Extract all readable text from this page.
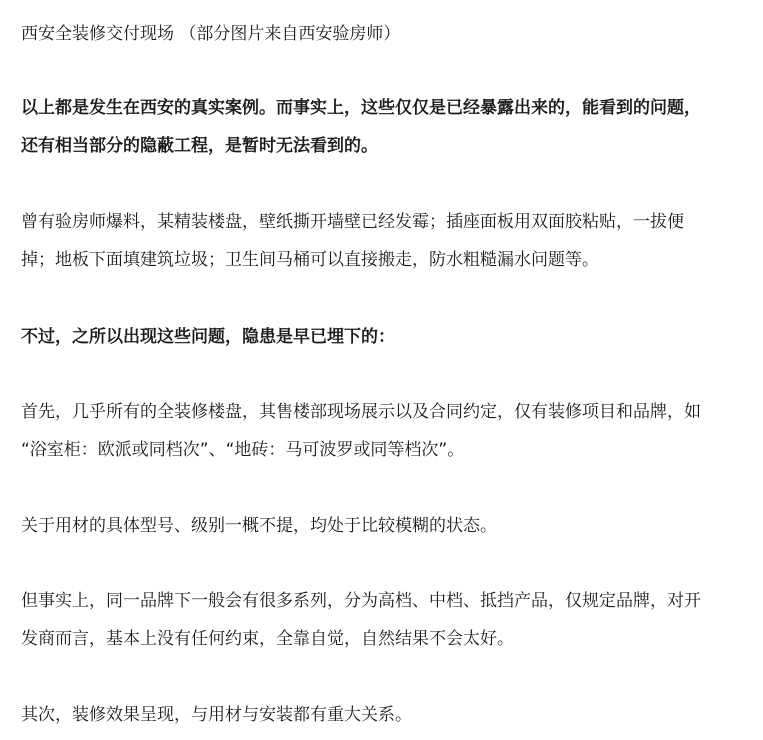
西安全装修交付现场 （部分图片来自西安验房师）

以上都是发生在西安的真实案例。而事实上，这些仅仅是已经暴露出来的，能看到的问题，
还有相当部分的隐蔽工程，是暂时无法看到的。

曾有验房师爆料，某精装楼盘，壁纸撕开墙壁已经发霉；插座面板用双面胶粘贴，一拔便
掉；地板下面填建筑垃圾；卫生间马桶可以直接搬走，防水粗糙漏水问题等。

不过，之所以出现这些问题，隐患是早已埋下的：

首先，几乎所有的全装修楼盘，其售楼部现场展示以及合同约定，仅有装修项目和品牌，如
“浴室柜：欧派或同档次”、“地砖：马可波罗或同等档次”。

关于用材的具体型号、级别一概不提，均处于比较模糊的状态。

但事实上，同一品牌下一般会有很多系列，分为高档、中档、抵挡产品，仅规定品牌，对开
发商而言，基本上没有任何约束，全靠自觉，自然结果不会太好。

其次，装修效果呈现，与用材与安装都有重大关系。
